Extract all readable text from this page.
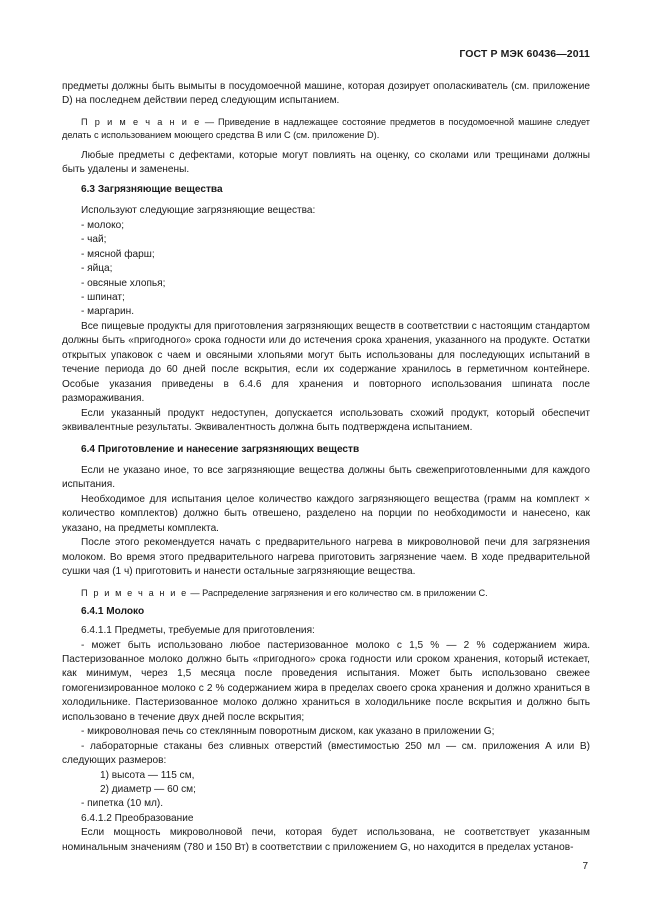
ГОСТ Р МЭК 60436—2011

предметы должны быть вымыты в посудомоечной машине, которая дозирует ополаскиватель (см. приложение D) на последнем действии перед следующим испытанием.

П р и м е ч а н и е — Приведение в надлежащее состояние предметов в посудомоечной машине следует делать с использованием моющего средства B или C (см. приложение D).

Любые предметы с дефектами, которые могут повлиять на оценку, со сколами или трещинами должны быть удалены и заменены.

6.3 Загрязняющие вещества

Используют следующие загрязняющие вещества:

- молоко;

- чай;

- мясной фарш;

- яйца;

- овсяные хлопья;

- шпинат;

- маргарин.

Все пищевые продукты для приготовления загрязняющих веществ в соответствии с настоящим стандартом должны быть «пригодного» срока годности или до истечения срока хранения, указанного на продукте. Остатки открытых упаковок с чаем и овсяными хлопьями могут быть использованы для последующих испытаний в течение периода до 60 дней после вскрытия, если их содержание хранилось в герметичном контейнере. Особые указания приведены в 6.4.6 для хранения и повторного использования шпината после размораживания.

Если указанный продукт недоступен, допускается использовать схожий продукт, который обеспечит эквивалентные результаты. Эквивалентность должна быть подтверждена испытанием.

6.4 Приготовление и нанесение загрязняющих веществ

Если не указано иное, то все загрязняющие вещества должны быть свежеприготовленными для каждого испытания.

Необходимое для испытания целое количество каждого загрязняющего вещества (грамм на комплект × количество комплектов) должно быть отвешено, разделено на порции по необходимости и нанесено, как указано, на предметы комплекта.

После этого рекомендуется начать с предварительного нагрева в микроволновой печи для загрязнения молоком. Во время этого предварительного нагрева приготовить загрязнение чаем. В ходе предварительной сушки чая (1 ч) приготовить и нанести остальные загрязняющие вещества.

П р и м е ч а н и е — Распределение загрязнения и его количество см. в приложении C.

6.4.1 Молоко

6.4.1.1 Предметы, требуемые для приготовления:

- может быть использовано любое пастеризованное молоко с 1,5 % — 2 % содержанием жира. Пастеризованное молоко должно быть «пригодного» срока годности или сроком хранения, который истекает, как минимум, через 1,5 месяца после проведения испытания. Может быть использовано свежее гомогенизированное молоко с 2 % содержанием жира в пределах своего срока хранения и должно храниться в холодильнике. Пастеризованное молоко должно храниться в холодильнике после вскрытия и должно быть использовано в течение двух дней после вскрытия;

- микроволновая печь со стеклянным поворотным диском, как указано в приложении G;

- лабораторные стаканы без сливных отверстий (вместимостью 250 мл — см. приложения A или B) следующих размеров:

1) высота — 115 см,

2) диаметр — 60 см;

- пипетка (10 мл).

6.4.1.2 Преобразование

Если мощность микроволновой печи, которая будет использована, не соответствует указанным номинальным значениям (780 и 150 Вт) в соответствии с приложением G, но находится в пределах установ-

7
